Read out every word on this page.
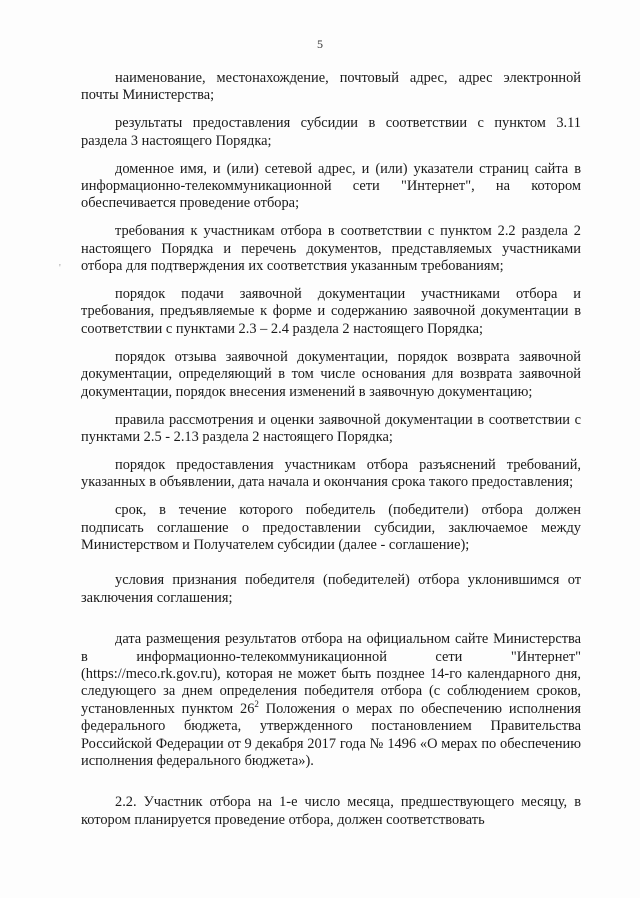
5
'

наименование, местонахождение, почтовый адрес, адрес электронной почты Министерства;

результаты предоставления субсидии в соответствии с пунктом 3.11 раздела 3 настоящего Порядка;

доменное имя, и (или) сетевой адрес, и (или) указатели страниц сайта в информационно-телекоммуникационной сети "Интернет", на котором обеспечивается проведение отбора;

требования к участникам отбора в соответствии с пунктом 2.2 раздела 2 настоящего Порядка и перечень документов, представляемых участниками отбора для подтверждения их соответствия указанным требованиям;

порядок подачи заявочной документации участниками отбора и требования, предъявляемые к форме и содержанию заявочной документации в соответствии с пунктами 2.3 – 2.4 раздела 2 настоящего Порядка;

порядок отзыва заявочной документации, порядок возврата заявочной документации, определяющий в том числе основания для возврата заявочной документации, порядок внесения изменений в заявочную документацию;

правила рассмотрения и оценки заявочной документации в соответствии с пунктами 2.5 - 2.13 раздела 2 настоящего Порядка;

порядок предоставления участникам отбора разъяснений требований, указанных в объявлении, дата начала и окончания срока такого предоставления;

срок, в течение которого победитель (победители) отбора должен подписать соглашение о предоставлении субсидии, заключаемое между Министерством и Получателем субсидии (далее - соглашение);

условия признания победителя (победителей) отбора уклонившимся от заключения соглашения;

дата размещения результатов отбора на официальном сайте Министерства в информационно-телекоммуникационной сети "Интернет" (https://meco.rk.gov.ru), которая не может быть позднее 14-го календарного дня, следующего за днем определения победителя отбора (с соблюдением сроков, установленных пунктом $26^2$ Положения о мерах по обеспечению исполнения федерального бюджета, утвержденного постановлением Правительства Российской Федерации от 9 декабря 2017 года № 1496 «О мерах по обеспечению исполнения федерального бюджета»).

2.2. Участник отбора на 1-е число месяца, предшествующего месяцу, в котором планируется проведение отбора, должен соответствовать
